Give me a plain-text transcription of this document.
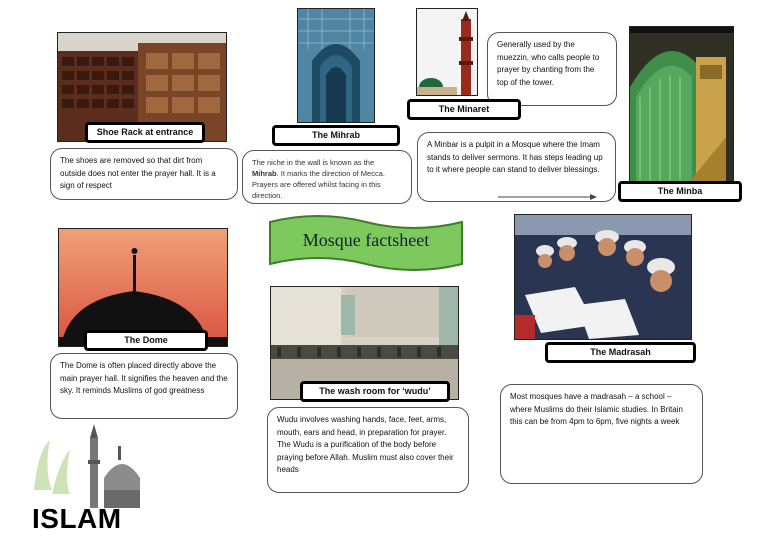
Shoe Rack at entrance
The shoes are removed so that dirt from outside does not enter the prayer hall. It is a sign of respect
The Mihrab
The niche in the wall is known as the Mihrab. It marks the direction of Mecca. Prayers are offered whilst facing in this direction.
Generally used by the muezzin, who calls people to prayer by chanting from the top of the tower.
The Minaret
A Minbar is a pulpit in a Mosque where the Imam stands to deliver sermons. It has steps leading up to it where people can stand to deliver blessings.
The Minba
Mosque factsheet
The Dome
The Dome is often placed directly above the main prayer hall. It signifies the heaven and the sky. It reminds Muslims of god greatness	The wash room for ‘wudu’
Wudu involves washing hands, face, feet, arms, mouth, ears and head, in preparation for prayer. The Wudu is a purification of the body before praying before Allah. Muslim must also cover their heads
The Madrasah
Most mosques have a madrasah – a school – where Muslims do their Islamic studies. In Britain this can be from 4pm to 6pm, five nights a week
ISLAM
